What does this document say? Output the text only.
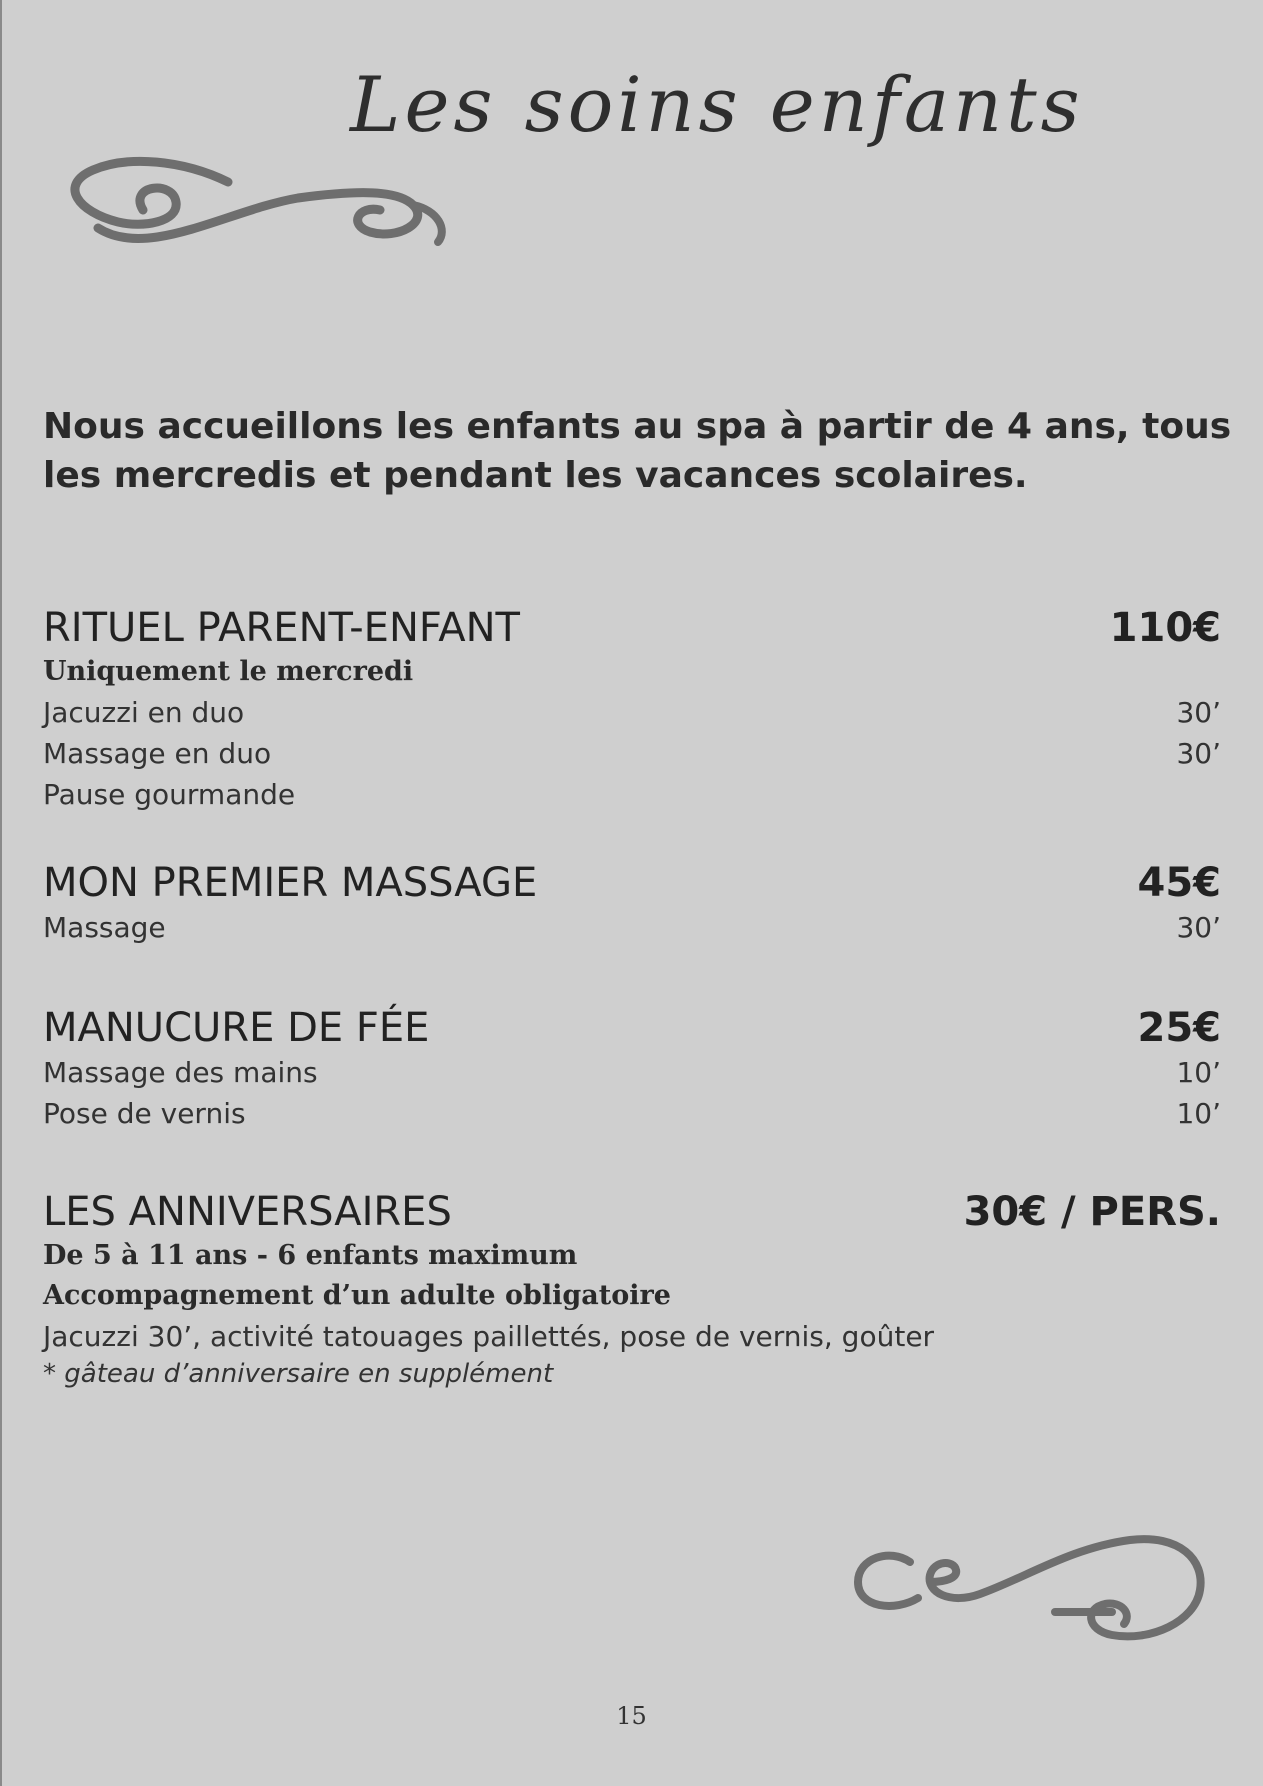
Les soins enfants
Nous accueillons les enfants au spa à partir de 4 ans, tous les mercredis et pendant les vacances scolaires.
RITUEL PARENT-ENFANT	110€
Uniquement le mercredi
Jacuzzi en duo	30’
Massage en duo	30’
Pause gourmande
MON PREMIER MASSAGE	45€
Massage	30’
MANUCURE DE FÉE	25€
Massage des mains	10’
Pose de vernis	10’
LES ANNIVERSAIRES	30€ / PERS.
De 5 à 11 ans - 6 enfants maximum
Accompagnement d’un adulte obligatoire
Jacuzzi 30’, activité tatouages paillettés, pose de vernis, goûter
* gâteau d’anniversaire en supplément
15
